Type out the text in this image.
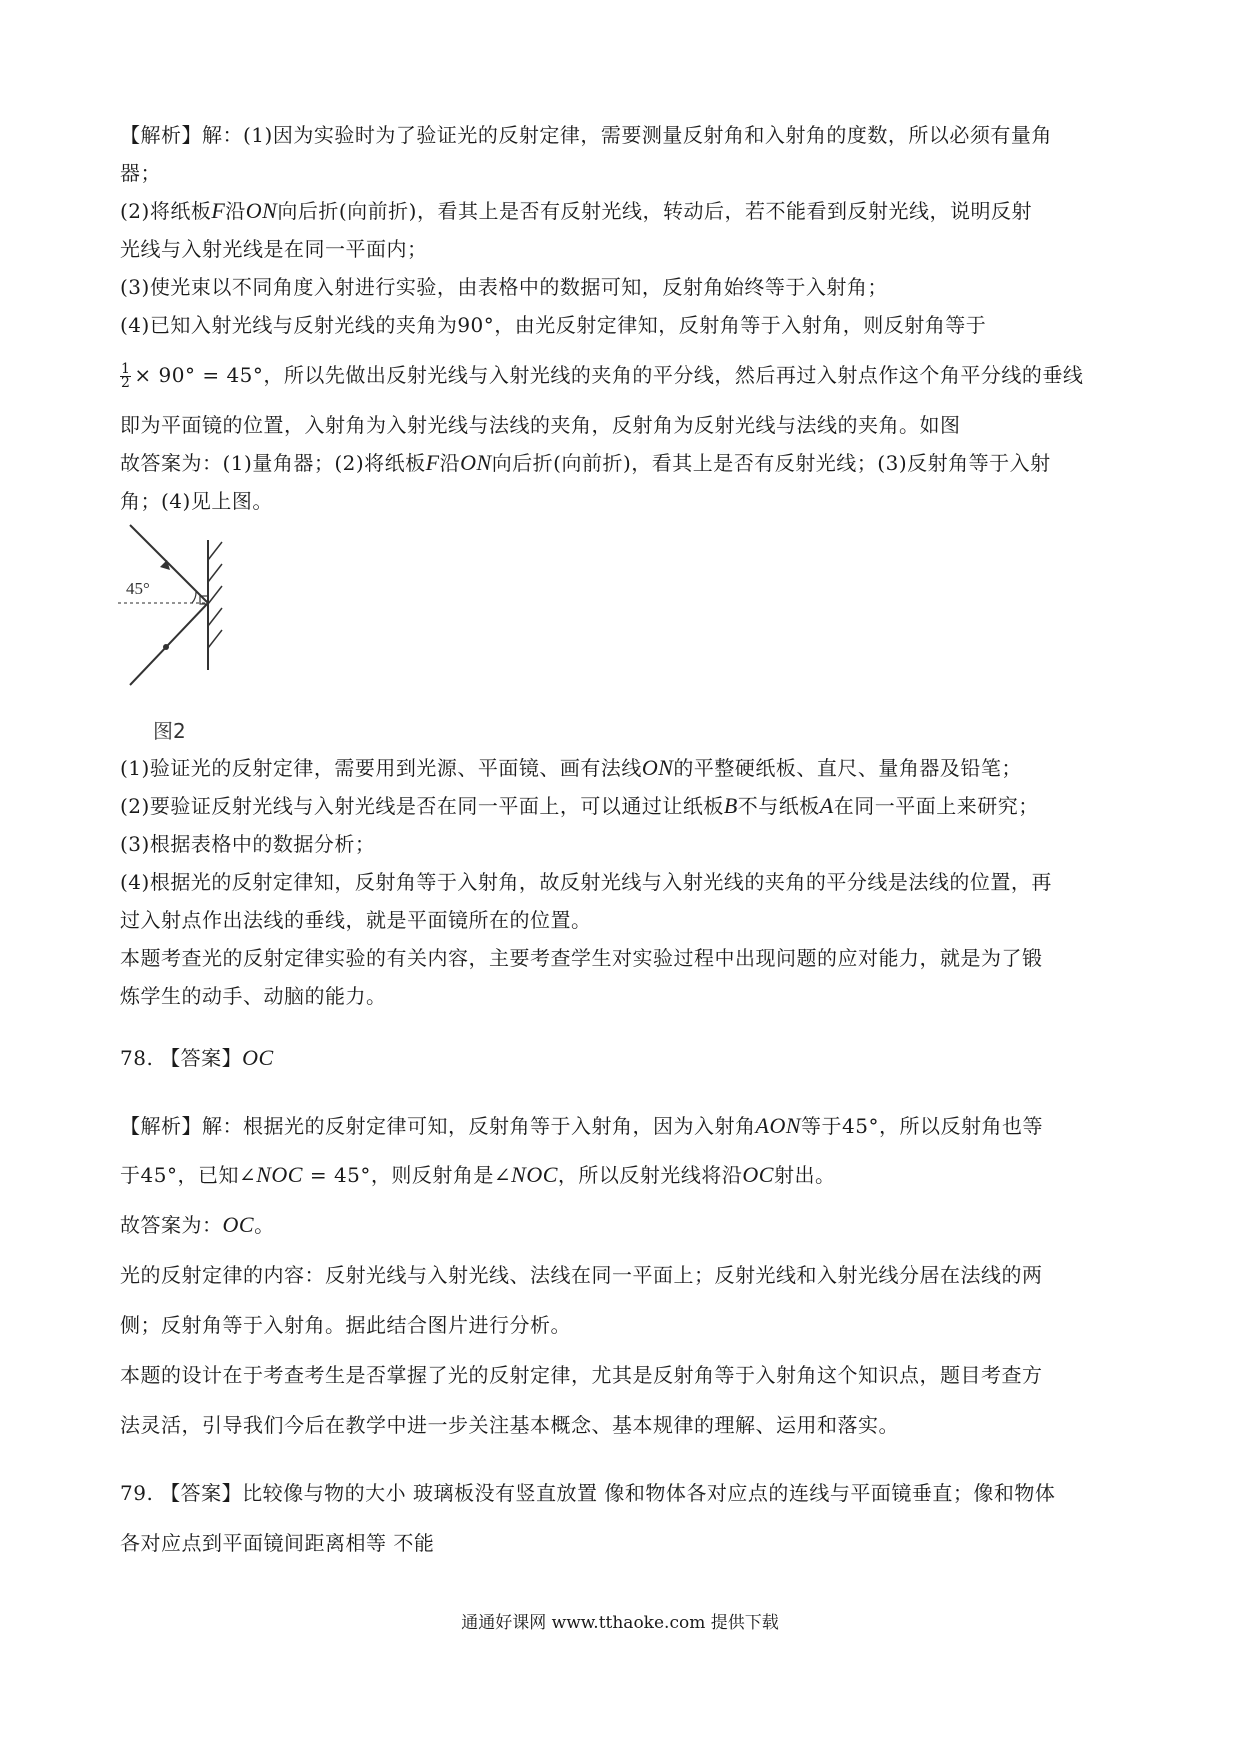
【解析】解：(1)因为实验时为了验证光的反射定律，需要测量反射角和入射角的度数，所以必须有量角
器；
(2)将纸板F沿ON向后折(向前折)，看其上是否有反射光线，转动后，若不能看到反射光线，说明反射
光线与入射光线是在同一平面内；
(3)使光束以不同角度入射进行实验，由表格中的数据可知，反射角始终等于入射角；
(4)已知入射光线与反射光线的夹角为90°，由光反射定律知，反射角等于入射角，则反射角等于
$\frac{1}{2} \times 90^\circ = 45^\circ$，所以先做出反射光线与入射光线的夹角的平分线，然后再过入射点作这个角平分线的垂线
即为平面镜的位置，入射角为入射光线与法线的夹角，反射角为反射光线与法线的夹角。如图
故答案为：(1)量角器；(2)将纸板F沿ON向后折(向前折)，看其上是否有反射光线；(3)反射角等于入射
角；(4)见上图。
45°
图2
(1)验证光的反射定律，需要用到光源、平面镜、画有法线ON的平整硬纸板、直尺、量角器及铅笔；
(2)要验证反射光线与入射光线是否在同一平面上，可以通过让纸板B不与纸板A在同一平面上来研究；
(3)根据表格中的数据分析；
(4)根据光的反射定律知，反射角等于入射角，故反射光线与入射光线的夹角的平分线是法线的位置，再
过入射点作出法线的垂线，就是平面镜所在的位置。
本题考查光的反射定律实验的有关内容，主要考查学生对实验过程中出现问题的应对能力，就是为了锻
炼学生的动手、动脑的能力。
78. 【答案】OC
【解析】解：根据光的反射定律可知，反射角等于入射角，因为入射角AON等于45°，所以反射角也等
于45°，已知∠NOC = 45°，则反射角是∠NOC，所以反射光线将沿OC射出。
故答案为：OC。
光的反射定律的内容：反射光线与入射光线、法线在同一平面上；反射光线和入射光线分居在法线的两
侧；反射角等于入射角。据此结合图片进行分析。
本题的设计在于考查考生是否掌握了光的反射定律，尤其是反射角等于入射角这个知识点，题目考查方
法灵活，引导我们今后在教学中进一步关注基本概念、基本规律的理解、运用和落实。
79. 【答案】比较像与物的大小 玻璃板没有竖直放置 像和物体各对应点的连线与平面镜垂直；像和物体
各对应点到平面镜间距离相等 不能
通通好课网 www.tthaoke.com 提供下载
